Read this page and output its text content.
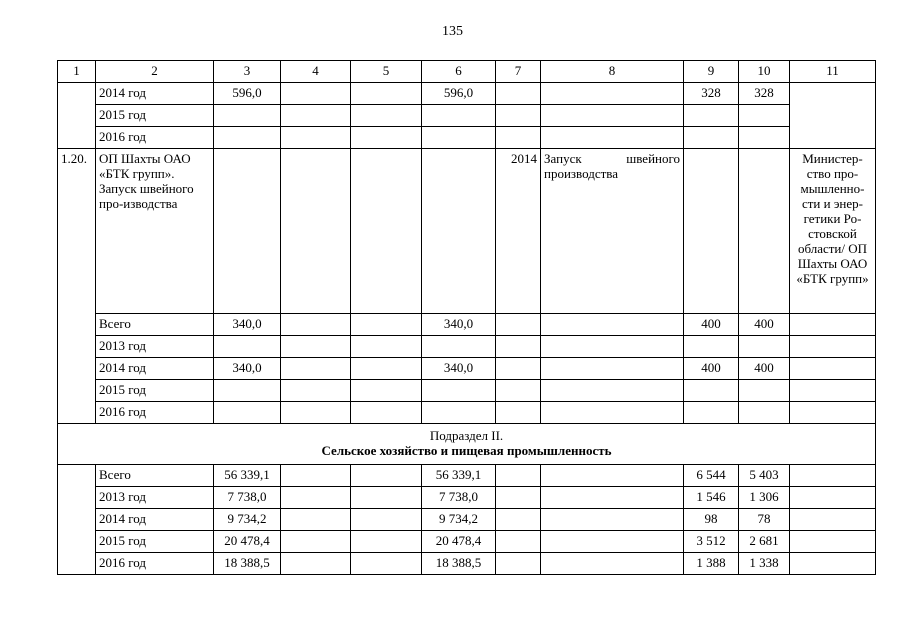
135
1	2	3	4	5	6	7	8	9	10	11
	2014 год	596,0			596,0			328	328	
	2015 год									
	2016 год									
1.20.	ОП Шахты ОАО «БТК групп». Запуск швейного про-изводства					2014	Запуск швейного производства			Министер-ство про-мышленно-сти и энер-гетики Ро-стовской области/ ОП Шахты ОАО «БТК групп»
	Всего	340,0			340,0			400	400	
	2013 год									
	2014 год	340,0			340,0			400	400	
	2015 год									
	2016 год									

Подраздел II.
Сельское хозяйство и пищевая промышленность										
	Всего	56 339,1			56 339,1			6 544	5 403	
	2013 год	7 738,0			7 738,0			1 546	1 306	
	2014 год	9 734,2			9 734,2			98	78	
	2015 год	20 478,4			20 478,4			3 512	2 681	
	2016 год	18 388,5			18 388,5			1 388	1 338	
